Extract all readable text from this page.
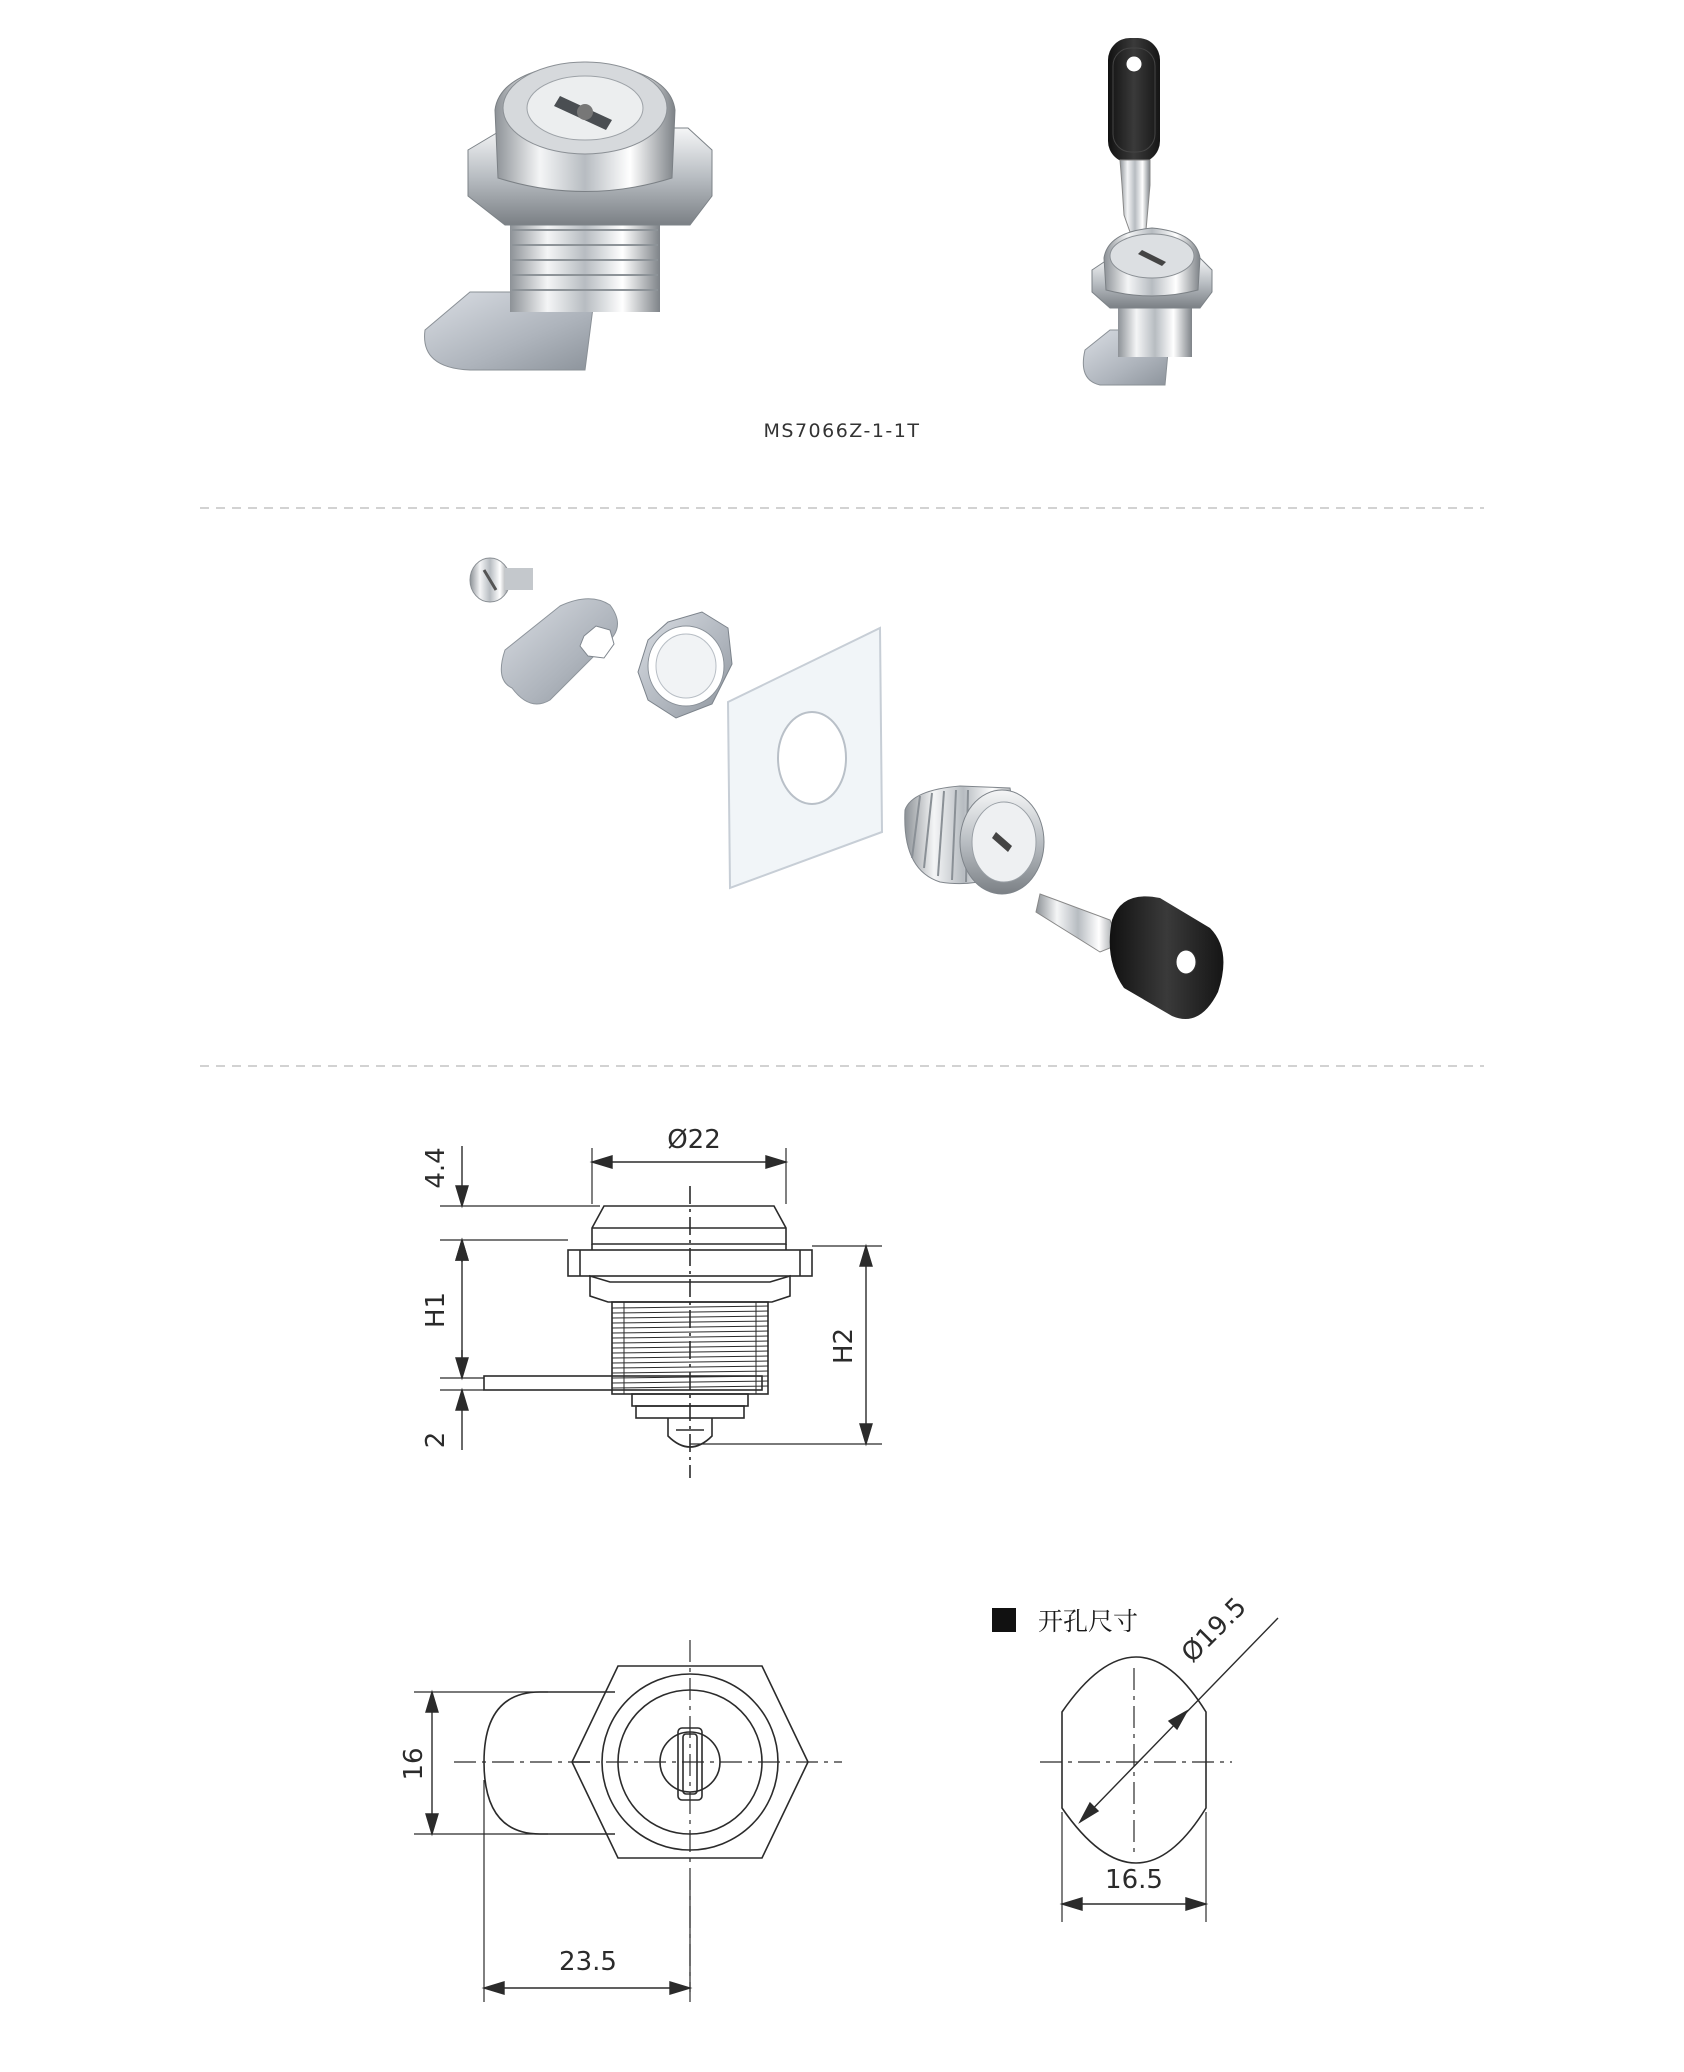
MS7066Z-1-1T
Ø22
4.4
H1
2
H2
16
23.5
开孔尺寸
16.5
Ø19.5
